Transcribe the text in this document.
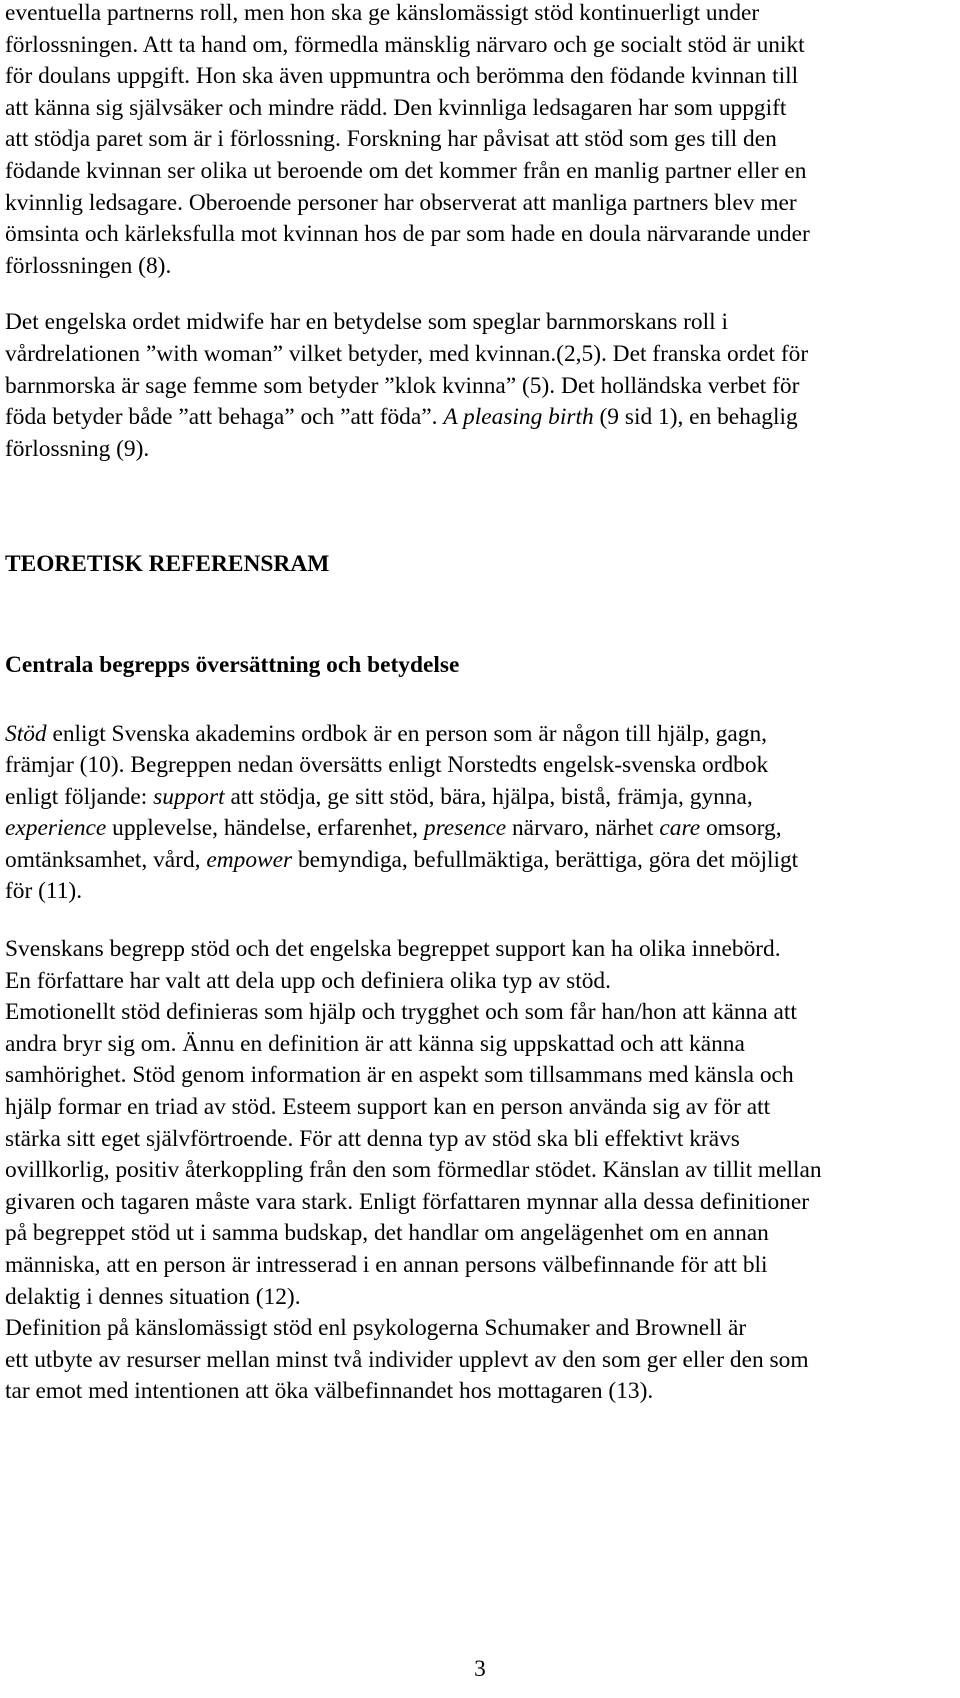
eventuella partnerns roll, men hon ska ge känslomässigt stöd kontinuerligt under
förlossningen. Att ta hand om, förmedla mänsklig närvaro och ge socialt stöd är unikt
för doulans uppgift. Hon ska även uppmuntra och berömma den födande kvinnan till
att känna sig självsäker och mindre rädd. Den kvinnliga ledsagaren har som uppgift
att stödja paret som är i förlossning. Forskning har påvisat att stöd som ges till den
födande kvinnan ser olika ut beroende om det kommer från en manlig partner eller en
kvinnlig ledsagare. Oberoende personer har observerat att manliga partners blev mer
ömsinta och kärleksfulla mot kvinnan hos de par som hade en doula närvarande under
förlossningen (8).

Det engelska ordet midwife har en betydelse som speglar barnmorskans roll i
vårdrelationen ”with woman” vilket betyder, med kvinnan.(2,5). Det franska ordet för
barnmorska är sage femme som betyder ”klok kvinna” (5). Det holländska verbet för
föda betyder både ”att behaga” och ”att föda”. A pleasing birth (9 sid 1), en behaglig
förlossning (9).

TEORETISK REFERENSRAM

Centrala begrepps översättning och betydelse

Stöd enligt Svenska akademins ordbok är en person som är någon till hjälp, gagn,
främjar (10). Begreppen nedan översätts enligt Norstedts engelsk-svenska ordbok
enligt följande: support att stödja, ge sitt stöd, bära, hjälpa, bistå, främja, gynna,
experience upplevelse, händelse, erfarenhet, presence närvaro, närhet care omsorg,
omtänksamhet, vård, empower bemyndiga, befullmäktiga, berättiga, göra det möjligt
för (11).

Svenskans begrepp stöd och det engelska begreppet support kan ha olika innebörd.
En författare har valt att dela upp och definiera olika typ av stöd.
Emotionellt stöd definieras som hjälp och trygghet och som får han/hon att känna att
andra bryr sig om. Ännu en definition är att känna sig uppskattad och att känna
samhörighet. Stöd genom information är en aspekt som tillsammans med känsla och
hjälp formar en triad av stöd. Esteem support kan en person använda sig av för att
stärka sitt eget självförtroende. För att denna typ av stöd ska bli effektivt krävs
ovillkorlig, positiv återkoppling från den som förmedlar stödet. Känslan av tillit mellan
givaren och tagaren måste vara stark. Enligt författaren mynnar alla dessa definitioner
på begreppet stöd ut i samma budskap, det handlar om angelägenhet om en annan
människa, att en person är intresserad i en annan persons välbefinnande för att bli
delaktig i dennes situation (12).

Definition på känslomässigt stöd enl psykologerna Schumaker and Brownell är
ett utbyte av resurser mellan minst två individer upplevt av den som ger eller den som
tar emot med intentionen att öka välbefinnandet hos mottagaren (13).

3
